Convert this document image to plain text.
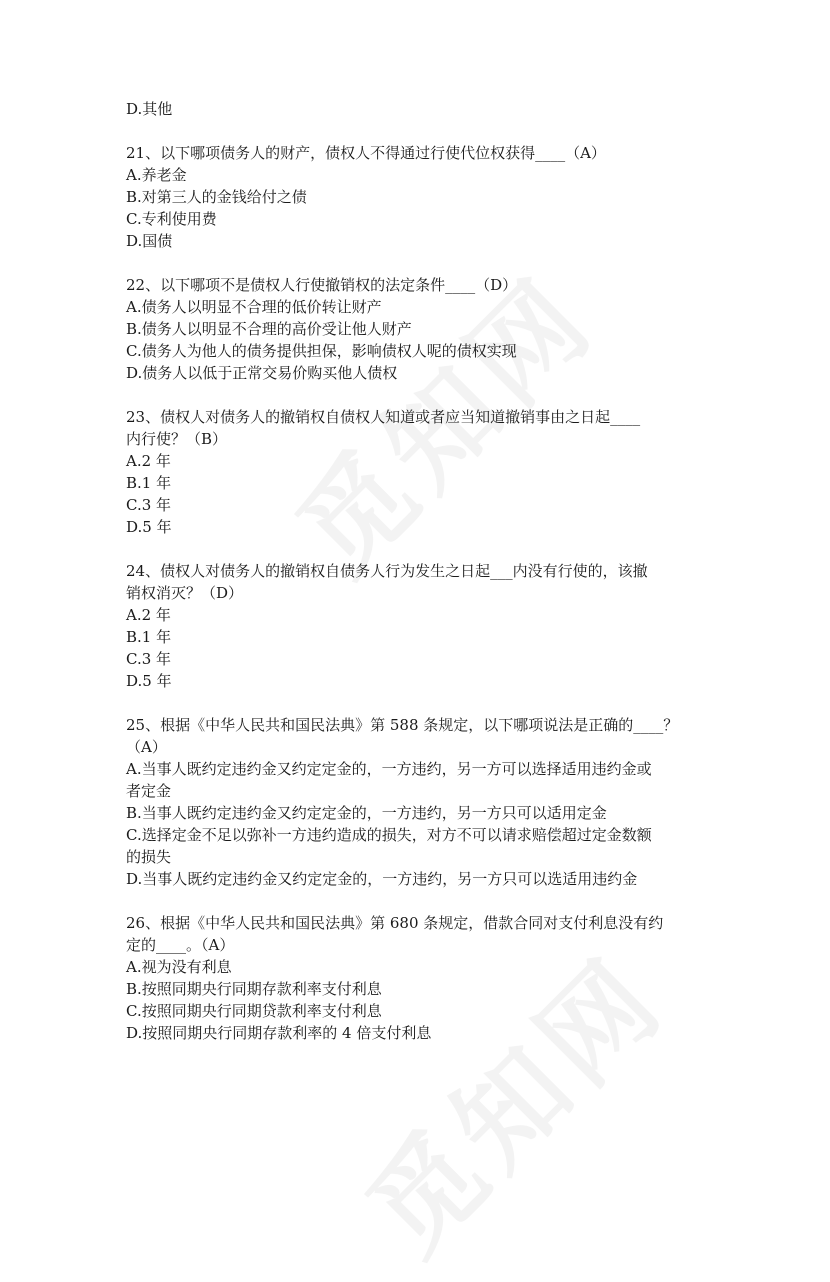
D.其他

21、以下哪项债务人的财产，债权人不得通过行使代位权获得____（A）

A.养老金

B.对第三人的金钱给付之债

C.专利使用费

D.国债

22、以下哪项不是债权人行使撤销权的法定条件____（D）

A.债务人以明显不合理的低价转让财产

B.债务人以明显不合理的高价受让他人财产

C.债务人为他人的债务提供担保，影响债权人呢的债权实现

D.债务人以低于正常交易价购买他人债权

23、债权人对债务人的撤销权自债权人知道或者应当知道撤销事由之日起____

内行使？（B）

A.2 年

B.1 年

C.3 年

D.5 年

24、债权人对债务人的撤销权自债务人行为发生之日起___内没有行使的，该撤

销权消灭？（D）

A.2 年

B.1 年

C.3 年

D.5 年

25、根据《中华人民共和国民法典》第 588 条规定，以下哪项说法是正确的____？

（A）

A.当事人既约定违约金又约定定金的，一方违约，另一方可以选择适用违约金或

者定金

B.当事人既约定违约金又约定定金的，一方违约，另一方只可以适用定金

C.选择定金不足以弥补一方违约造成的损失，对方不可以请求赔偿超过定金数额

的损失

D.当事人既约定违约金又约定定金的，一方违约，另一方只可以选适用违约金

26、根据《中华人民共和国民法典》第 680 条规定，借款合同对支付利息没有约

定的____。（A）

A.视为没有利息

B.按照同期央行同期存款利率支付利息

C.按照同期央行同期贷款利率支付利息

D.按照同期央行同期存款利率的 4 倍支付利息
